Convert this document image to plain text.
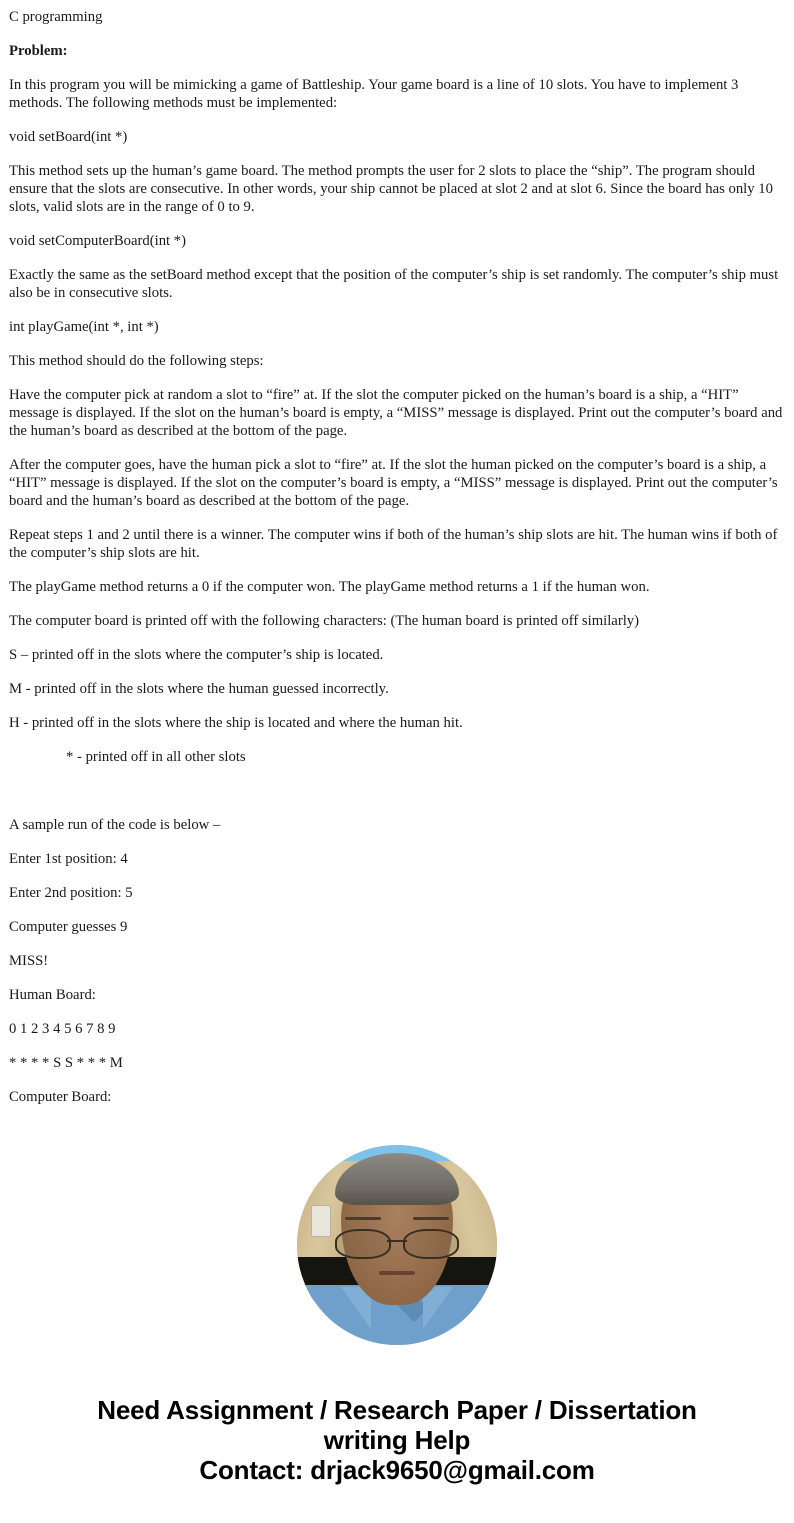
C programming

Problem:

In this program you will be mimicking a game of Battleship. Your game board is a line of 10 slots. You have to implement 3 methods. The following methods must be implemented:

void setBoard(int *)

This method sets up the human’s game board. The method prompts the user for 2 slots to place the “ship”. The program should ensure that the slots are consecutive. In other words, your ship cannot be placed at slot 2 and at slot 6. Since the board has only 10 slots, valid slots are in the range of 0 to 9.

void setComputerBoard(int *)

Exactly the same as the setBoard method except that the position of the computer’s ship is set randomly. The computer’s ship must also be in consecutive slots.

int playGame(int *, int *)

This method should do the following steps:

Have the computer pick at random a slot to “fire” at. If the slot the computer picked on the human’s board is a ship, a “HIT” message is displayed. If the slot on the human’s board is empty, a “MISS” message is displayed. Print out the computer’s board and the human’s board as described at the bottom of the page.

After the computer goes, have the human pick a slot to “fire” at. If the slot the human picked on the computer’s board is a ship, a “HIT” message is displayed. If the slot on the computer’s board is empty, a “MISS” message is displayed. Print out the computer’s board and the human’s board as described at the bottom of the page.

Repeat steps 1 and 2 until there is a winner. The computer wins if both of the human’s ship slots are hit. The human wins if both of the computer’s ship slots are hit.

The playGame method returns a 0 if the computer won. The playGame method returns a 1 if the human won.

The computer board is printed off with the following characters: (The human board is printed off similarly)

S – printed off in the slots where the computer’s ship is located.

M - printed off in the slots where the human guessed incorrectly.

H - printed off in the slots where the ship is located and where the human hit.

* - printed off in all other slots

A sample run of the code is below –

Enter 1st position: 4

Enter 2nd position: 5

Computer guesses 9

MISS!

Human Board:

0 1 2 3 4 5 6 7 8 9

* * * * S S * * * M

Computer Board:

Need Assignment / Research Paper / Dissertation
writing Help
Contact: drjack9650@gmail.com
